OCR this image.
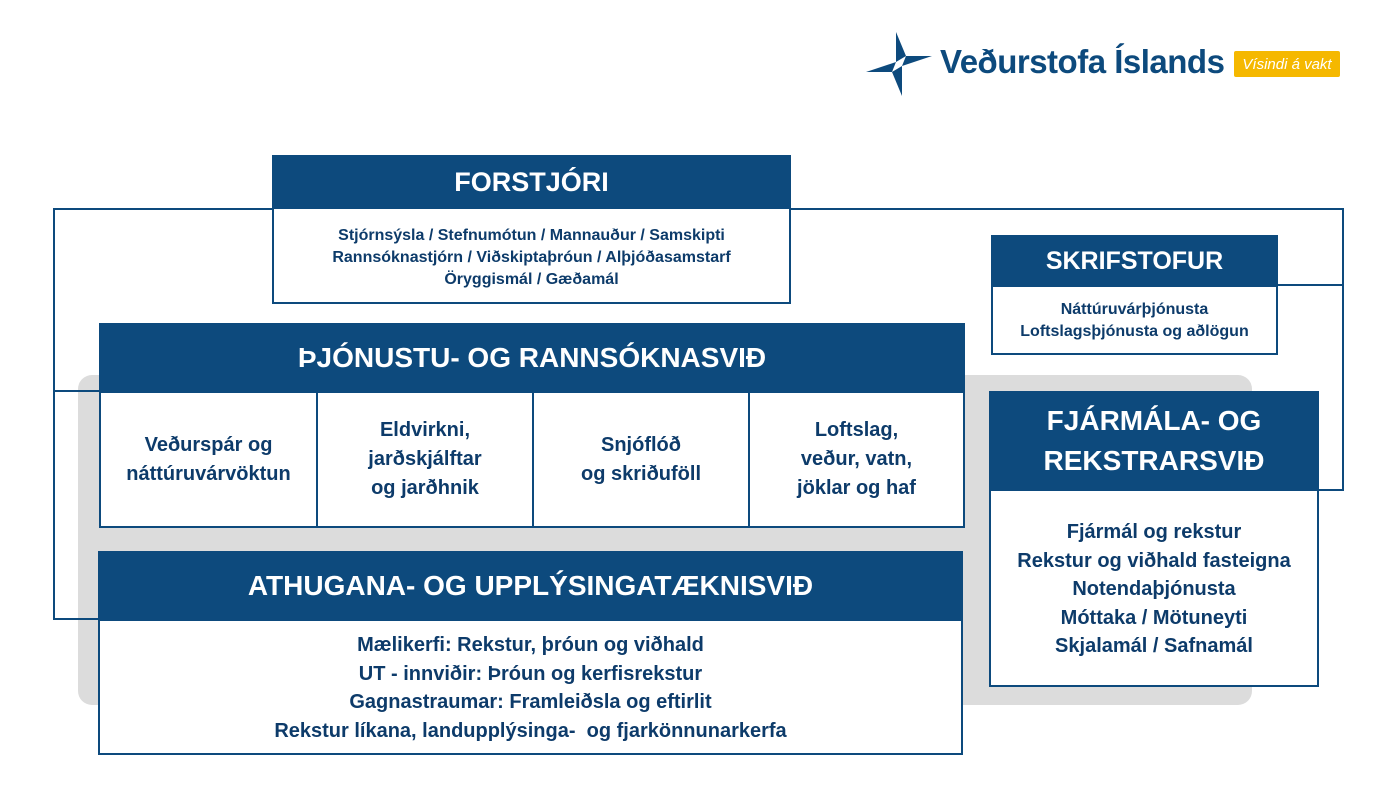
Veðurstofa Íslands	Vísindi á vakt
FORSTJÓRI
Stjórnsýsla / Stefnumótun / Mannauður / Samskipti
Rannsóknastjórn / Viðskiptaþróun / Alþjóðasamstarf
Öryggismál / Gæðamál
SKRIFSTOFUR
Náttúruvárþjónusta
Loftslagsþjónusta og aðlögun
ÞJÓNUSTU- OG RANNSÓKNASVIÐ
Veðurspár og
náttúruvárvöktun
Eldvirkni,
jarðskjálftar
og jarðhnik
Snjóflóð
og skriðuföll
Loftslag,
veður, vatn,
jöklar og haf
ATHUGANA- OG UPPLÝSINGATÆKNISVIÐ
Mælikerfi: Rekstur, þróun og viðhald
UT - innviðir: Þróun og kerfisrekstur
Gagnastraumar: Framleiðsla og eftirlit
Rekstur líkana, landupplýsinga-  og fjarkönnunarkerfa
FJÁRMÁLA- OG
REKSTRARSVIÐ
Fjármál og rekstur
Rekstur og viðhald fasteigna
Notendaþjónusta
Móttaka / Mötuneyti
Skjalamál / Safnamál
